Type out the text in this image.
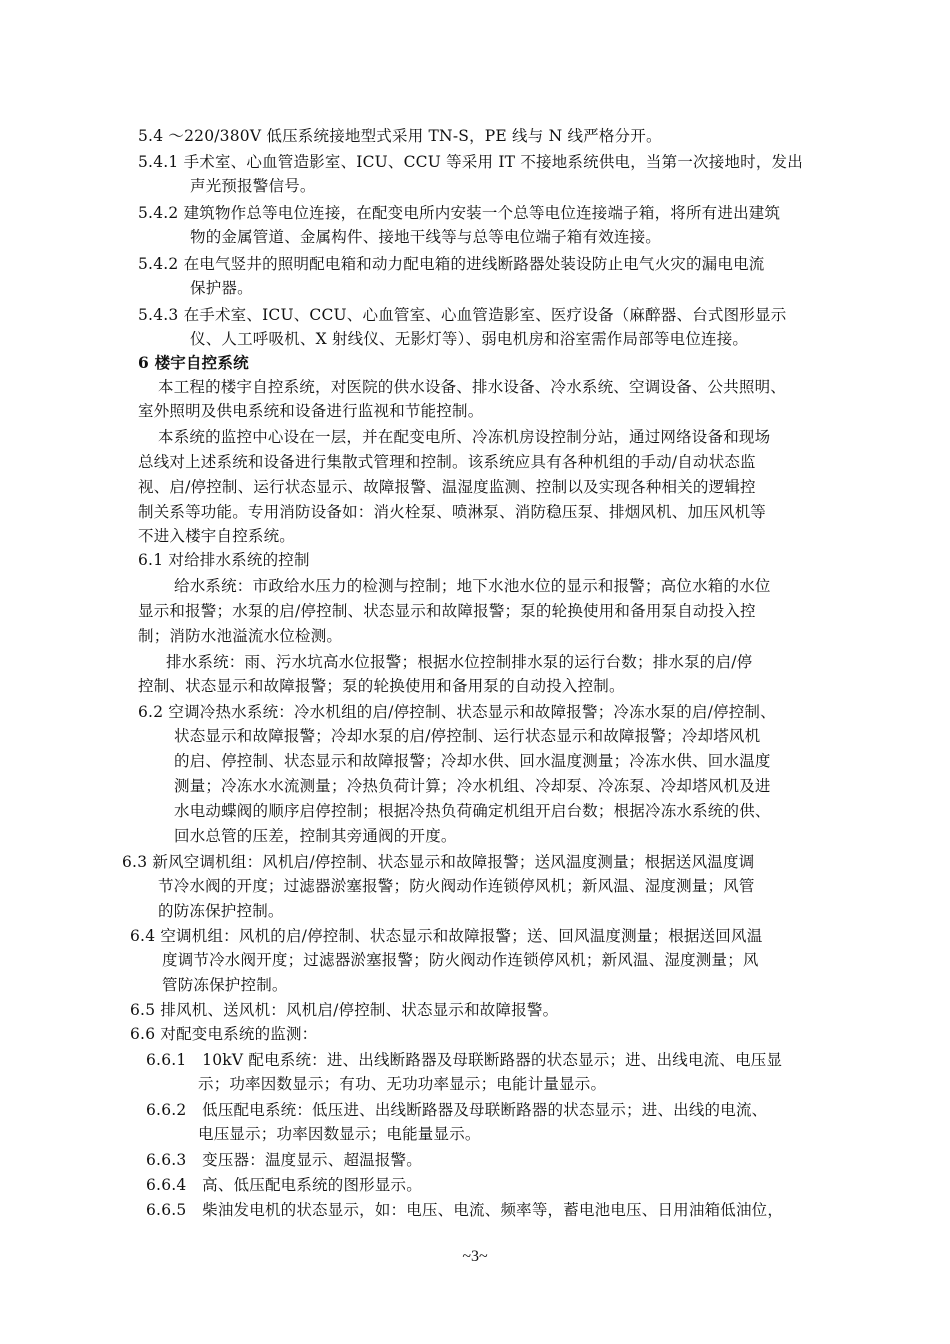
5.4 ～220/380V 低压系统接地型式采用 TN-S，PE 线与 N 线严格分开。
5.4.1 手术室、心血管造影室、ICU、CCU 等采用 IT 不接地系统供电，当第一次接地时，发出
声光预报警信号。
5.4.2 建筑物作总等电位连接，在配变电所内安装一个总等电位连接端子箱，将所有进出建筑
物的金属管道、金属构件、接地干线等与总等电位端子箱有效连接。
5.4.2 在电气竖井的照明配电箱和动力配电箱的进线断路器处装设防止电气火灾的漏电电流
保护器。
5.4.3 在手术室、ICU、CCU、心血管室、心血管造影室、医疗设备（麻醉器、台式图形显示
仪、人工呼吸机、X 射线仪、无影灯等）、弱电机房和浴室需作局部等电位连接。
6 楼宇自控系统
本工程的楼宇自控系统，对医院的供水设备、排水设备、冷水系统、空调设备、公共照明、
室外照明及供电系统和设备进行监视和节能控制。
本系统的监控中心设在一层，并在配变电所、冷冻机房设控制分站，通过网络设备和现场
总线对上述系统和设备进行集散式管理和控制。该系统应具有各种机组的手动/自动状态监
视、启/停控制、运行状态显示、故障报警、温湿度监测、控制以及实现各种相关的逻辑控
制关系等功能。专用消防设备如：消火栓泵、喷淋泵、消防稳压泵、排烟风机、加压风机等
不进入楼宇自控系统。
6.1 对给排水系统的控制
给水系统：市政给水压力的检测与控制；地下水池水位的显示和报警；高位水箱的水位
显示和报警；水泵的启/停控制、状态显示和故障报警；泵的轮换使用和备用泵自动投入控
制；消防水池溢流水位检测。
排水系统：雨、污水坑高水位报警；根据水位控制排水泵的运行台数；排水泵的启/停
控制、状态显示和故障报警；泵的轮换使用和备用泵的自动投入控制。
6.2 空调冷热水系统：冷水机组的启/停控制、状态显示和故障报警；冷冻水泵的启/停控制、
状态显示和故障报警；冷却水泵的启/停控制、运行状态显示和故障报警；冷却塔风机
的启、停控制、状态显示和故障报警；冷却水供、回水温度测量；冷冻水供、回水温度
测量；冷冻水水流测量；冷热负荷计算；冷水机组、冷却泵、冷冻泵、冷却塔风机及进
水电动蝶阀的顺序启停控制；根据冷热负荷确定机组开启台数；根据冷冻水系统的供、
回水总管的压差，控制其旁通阀的开度。
6.3 新风空调机组：风机启/停控制、状态显示和故障报警；送风温度测量；根据送风温度调
节冷水阀的开度；过滤器淤塞报警；防火阀动作连锁停风机；新风温、湿度测量；风管
的防冻保护控制。
6.4 空调机组：风机的启/停控制、状态显示和故障报警；送、回风温度测量；根据送回风温
度调节冷水阀开度；过滤器淤塞报警；防火阀动作连锁停风机；新风温、湿度测量；风
管防冻保护控制。
6.5 排风机、送风机：风机启/停控制、状态显示和故障报警。
6.6 对配变电系统的监测：
6.6.1　10kV 配电系统：进、出线断路器及母联断路器的状态显示；进、出线电流、电压显
示；功率因数显示；有功、无功功率显示；电能计量显示。
6.6.2　低压配电系统：低压进、出线断路器及母联断路器的状态显示；进、出线的电流、
电压显示；功率因数显示；电能量显示。
6.6.3　变压器：温度显示、超温报警。
6.6.4　高、低压配电系统的图形显示。
6.6.5　柴油发电机的状态显示，如：电压、电流、频率等，蓄电池电压、日用油箱低油位，
~3~
